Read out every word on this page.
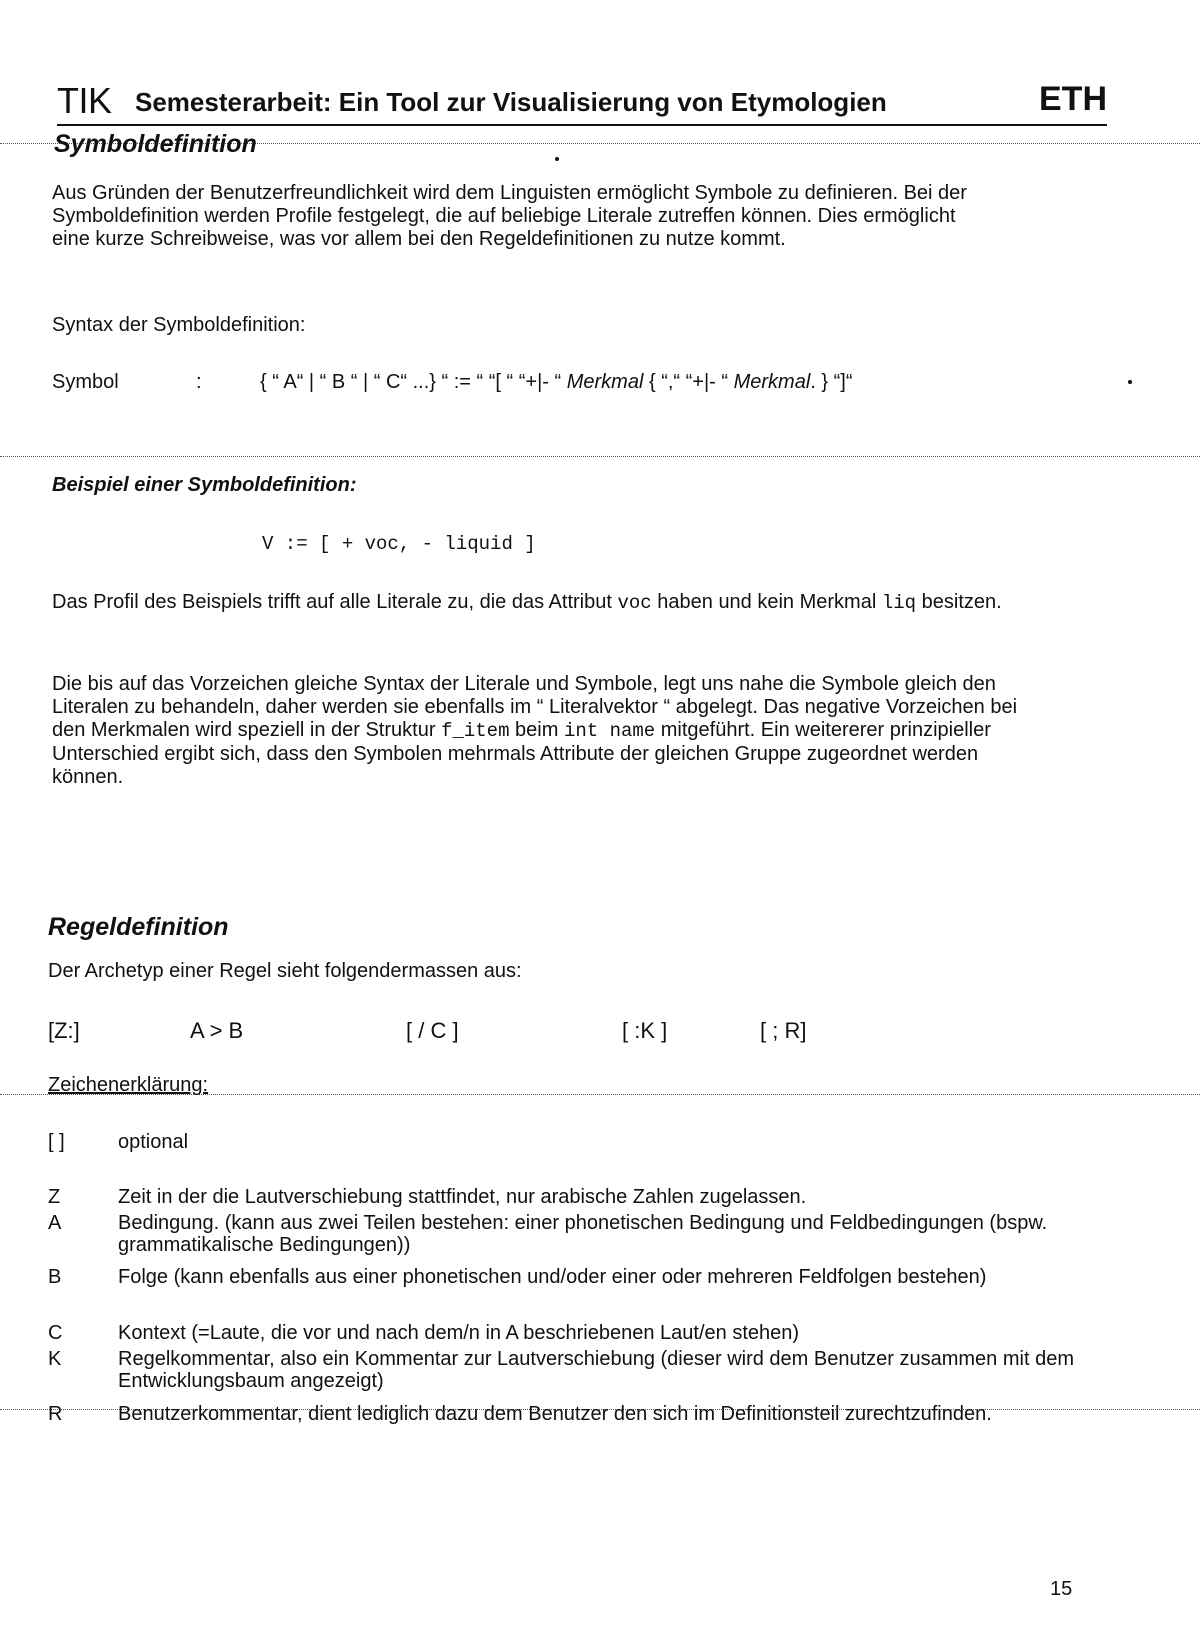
TIK Semesterarbeit: Ein Tool zur Visualisierung von Etymologien	ETH
Symboldefinition
Aus Gründen der Benutzerfreundlichkeit wird dem Linguisten ermöglicht Symbole zu definieren. Bei der Symboldefinition werden Profile festgelegt, die auf beliebige Literale zutreffen können. Dies ermöglicht eine kurze Schreibweise, was vor allem bei den Regeldefinitionen zu nutze kommt.
Syntax der Symboldefinition:
Symbol	:	{ “ A“ | “ B “ | “ C“ ...} “ := “ “[ “ “+|- “ Merkmal { “,“ “+|- “ Merkmal. } “]“
Beispiel einer Symboldefinition:
V := [ + voc, - liquid ]
Das Profil des Beispiels trifft auf alle Literale zu, die das Attribut voc haben und kein Merkmal liq besitzen.
Die bis auf das Vorzeichen gleiche Syntax der Literale und Symbole, legt uns nahe die Symbole gleich den Literalen zu behandeln, daher werden sie ebenfalls im “ Literalvektor “ abgelegt. Das negative Vorzeichen bei den Merkmalen wird speziell in der Struktur f_item beim int name mitgeführt. Ein weitererer prinzipieller Unterschied ergibt sich, dass den Symbolen mehrmals Attribute der gleichen Gruppe zugeordnet werden können.
Regeldefinition
Der Archetyp einer Regel sieht folgendermassen aus:
[Z:]	A > B	[ / C ]	[ :K ]	[ ; R]
Zeichenerklärung:
[ ]	optional
Z	Zeit in der die Lautverschiebung stattfindet, nur arabische Zahlen zugelassen.
A	Bedingung. (kann aus zwei Teilen bestehen: einer phonetischen Bedingung und Feldbedingungen (bspw. grammatikalische Bedingungen))
B	Folge (kann ebenfalls aus einer phonetischen und/oder einer oder mehreren Feldfolgen bestehen)
C	Kontext (=Laute, die vor und nach dem/n in A beschriebenen Laut/en stehen)
K	Regelkommentar, also ein Kommentar zur Lautverschiebung (dieser wird dem Benutzer zusammen mit dem Entwicklungsbaum angezeigt)
R	Benutzerkommentar, dient lediglich dazu dem Benutzer den sich im Definitionsteil zurechtzufinden.
15
